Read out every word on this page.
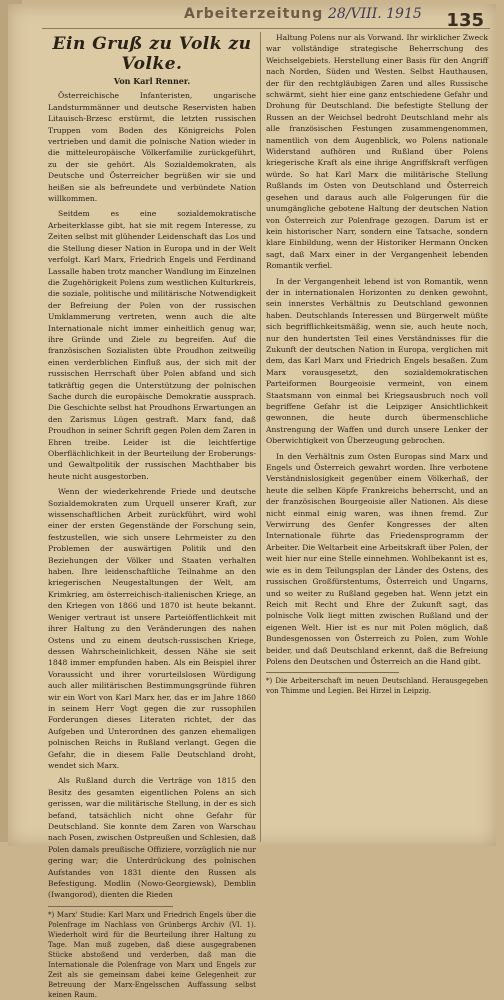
Arbeiterzeitung 28/VIII. 1915 135
Ein Gruß zu Volk zu Volke.
Von Karl Renner.

Österreichische Infanteristen, ungarische Landsturmmänner und deutsche Reservisten haben Litauisch-Brzesc erstürmt, die letzten russischen Truppen vom Boden des Königreichs Polen vertrieben und damit die polnische Nation wieder in die mitteleuropäische Völkerfamilie zurückgeführt, zu der sie gehört. Als Sozialdemokraten, als Deutsche und Österreicher begrüßen wir sie und heißen sie als befreundete und verbündete Nation willkommen.

Seitdem es eine sozialdemokratische Arbeiterklasse gibt, hat sie mit regem Interesse, zu Zeiten selbst mit glühender Leidenschaft das Los und die Stellung dieser Nation in Europa und in der Welt verfolgt. Karl Marx, Friedrich Engels und Ferdinand Lassalle haben trotz mancher Wandlung im Einzelnen die Zugehörigkeit Polens zum westlichen Kulturkreis, die soziale, politische und militärische Notwendigkeit der Befreiung der Polen von der russischen Umklammerung vertreten, wenn auch die alte Internationale nicht immer einheitlich genug war, ihre Gründe und Ziele zu begreifen. Auf die französischen Sozialisten übte Proudhon zeitweilig einen verderblichen Einfluß aus, der sich mit der russischen Herrschaft über Polen abfand und sich tatkräftig gegen die Unterstützung der polnischen Sache durch die europäische Demokratie aussprach. Die Geschichte selbst hat Proudhons Erwartungen an den Zarismus Lügen gestraft. Marx fand, daß Proudhon in seiner Schrift gegen Polen dem Zaren in Ehren treibe. Leider ist die leichtfertige Oberflächlichkeit in der Beurteilung der Eroberungs- und Gewaltpolitik der russischen Machthaber bis heute nicht ausgestorben.

Wenn der wiederkehrende Friede und deutsche Sozialdemokraten zum Urquell unserer Kraft, zur wissenschaftlichen Arbeit zurückführt, wird wohl einer der ersten Gegenstände der Forschung sein, festzustellen, wie sich unsere Lehrmeister zu den Problemen der auswärtigen Politik und den Beziehungen der Völker und Staaten verhalten haben. Ihre leidenschaftliche Teilnahme an den kriegerischen Neugestaltungen der Welt, am Krimkrieg, am österreichisch-italienischen Kriege, an den Kriegen von 1866 und 1870 ist heute bekannt. Weniger vertraut ist unsere Parteiöffentlichkeit mit ihrer Haltung zu den Veränderungen des nahen Ostens und zu einem deutsch-russischen Kriege, dessen Wahrscheinlichkeit, dessen Nähe sie seit 1848 immer empfunden haben. Als ein Beispiel ihrer Voraussicht und ihrer vorurteilslosen Würdigung auch aller militärischen Bestimmungsgründe führen wir ein Wort von Karl Marx her, das er im Jahre 1860 in seinem Herr Vogt gegen die zur russophilen Forderungen dieses Literaten richtet, der das Aufgeben und Unterordnen des ganzen ehemaligen polnischen Reichs in Rußland verlangt. Gegen die Gefahr, die in diesem Falle Deutschland droht, wendet sich Marx.

Als Rußland durch die Verträge von 1815 den Besitz des gesamten eigentlichen Polens an sich gerissen, war die militärische Stellung, in der es sich befand, tatsächlich nicht ohne Gefahr für Deutschland. Sie konnte dem Zaren von Warschau nach Posen, zwischen Ostpreußen und Schlesien, daß Polen damals preußische Offiziere, vorzüglich nie nur gering war; die Unterdrückung des polnischen Aufstandes von 1831 diente den Russen als Befestigung. Modlin (Nowo-Georgiewsk), Demblin (Iwangorod), dienten die Rieden

*) Marx' Studie: Karl Marx und Friedrich Engels über die Polenfrage im Nachlass von Grünbergs Archiv (VI. 1). Wiederholt wird für die Beurteilung ihrer Haltung zu Tage. Man muß zugeben, daß diese ausgegrabenen Stücke abstoßend und verderben, daß man die Internationale die Polenfrage von Marx und Engels zur Zeit als sie gemeinsam dabei keine Gelegenheit zur Betreuung der Marx-Engelsschen Auffassung selbst keinen Raum.

Haltung Polens nur als Vorwand. Ihr wirklicher Zweck war vollständige strategische Beherrschung des Weichselgebiets. Herstellung einer Basis für den Angriff nach Norden, Süden und Westen. Selbst Hauthausen, der für den rechtgläubigen Zaren und alles Russische schwärmt, sieht hier eine ganz entschiedene Gefahr und Drohung für Deutschland. Die befestigte Stellung der Russen an der Weichsel bedroht Deutschland mehr als alle französischen Festungen zusammengenommen, namentlich von dem Augenblick, wo Polens nationale Widerstand aufhören und Rußland über Polens kriegerische Kraft als eine ihrige Angriffskraft verfügen würde. So hat Karl Marx die militärische Stellung Rußlands im Osten von Deutschland und Österreich gesehen und daraus auch alle Folgerungen für die unumgängliche gebotene Haltung der deutschen Nation von Österreich zur Polenfrage gezogen. Darum ist er kein historischer Narr, sondern eine Tatsache, sondern klare Einbildung, wenn der Historiker Hermann Oncken sagt, daß Marx einer in der Vergangenheit lebenden Romantik verfiel.

In der Vergangenheit lebend ist von Romantik, wenn der in internationalen Horizonten zu denken gewohnt, sein innerstes Verhältnis zu Deutschland gewonnen haben. Deutschlands Interessen und Bürgerwelt müßte sich begrifflichkeitsmäßig, wenn sie, auch heute noch, nur den hundertsten Teil eines Verständnisses für die Zukunft der deutschen Nation in Europa, verglichen mit dem, das Karl Marx und Friedrich Engels besaßen. Zum Marx vorausgesetzt, den sozialdemokratischen Parteiformen Bourgeoisie vermeint, von einem Staatsmann von einmal bei Kriegsausbruch noch voll begriffene Gefahr ist die Leipziger Ansichtlichkeit gewonnen, die heute durch übermenschliche Anstrengung der Waffen und durch unsere Lenker der Oberwichtigkeit von Überzeugung gebrochen.

In den Verhältnis zum Osten Europas sind Marx und Engels und Österreich gewahrt worden. Ihre verbotene Verständnislosigkeit gegenüber einem Völkerhaß, der heute die selben Köpfe Frankreichs beherrscht, und an der französischen Bourgeoisie aller Nationen. Als diese nicht einmal einig waren, was ihnen fremd. Zur Verwirrung des Genfer Kongresses der alten Internationale führte das Friedensprogramm der Arbeiter. Die Weltarbeit eine Arbeitskraft über Polen, der weit hier nur eine Stelle einnehmen. Wohlbekannt ist es, wie es in dem Teilungsplan der Länder des Ostens, des russischen Großfürstentums, Österreich und Ungarns, und so weiter zu Rußland gegeben hat. Wenn jetzt ein Reich mit Recht und Ehre der Zukunft sagt, das polnische Volk liegt mitten zwischen Rußland und der eigenen Welt. Hier ist es nur mit Polen möglich, daß Bundesgenossen von Österreich zu Polen, zum Wohle beider, und daß Deutschland erkennt, daß die Befreiung Polens den Deutschen und Österreich an die Hand gibt.

*) Die Arbeiterschaft im neuen Deutschland. Herausgegeben von Thimme und Legien. Bei Hirzel in Leipzig.
